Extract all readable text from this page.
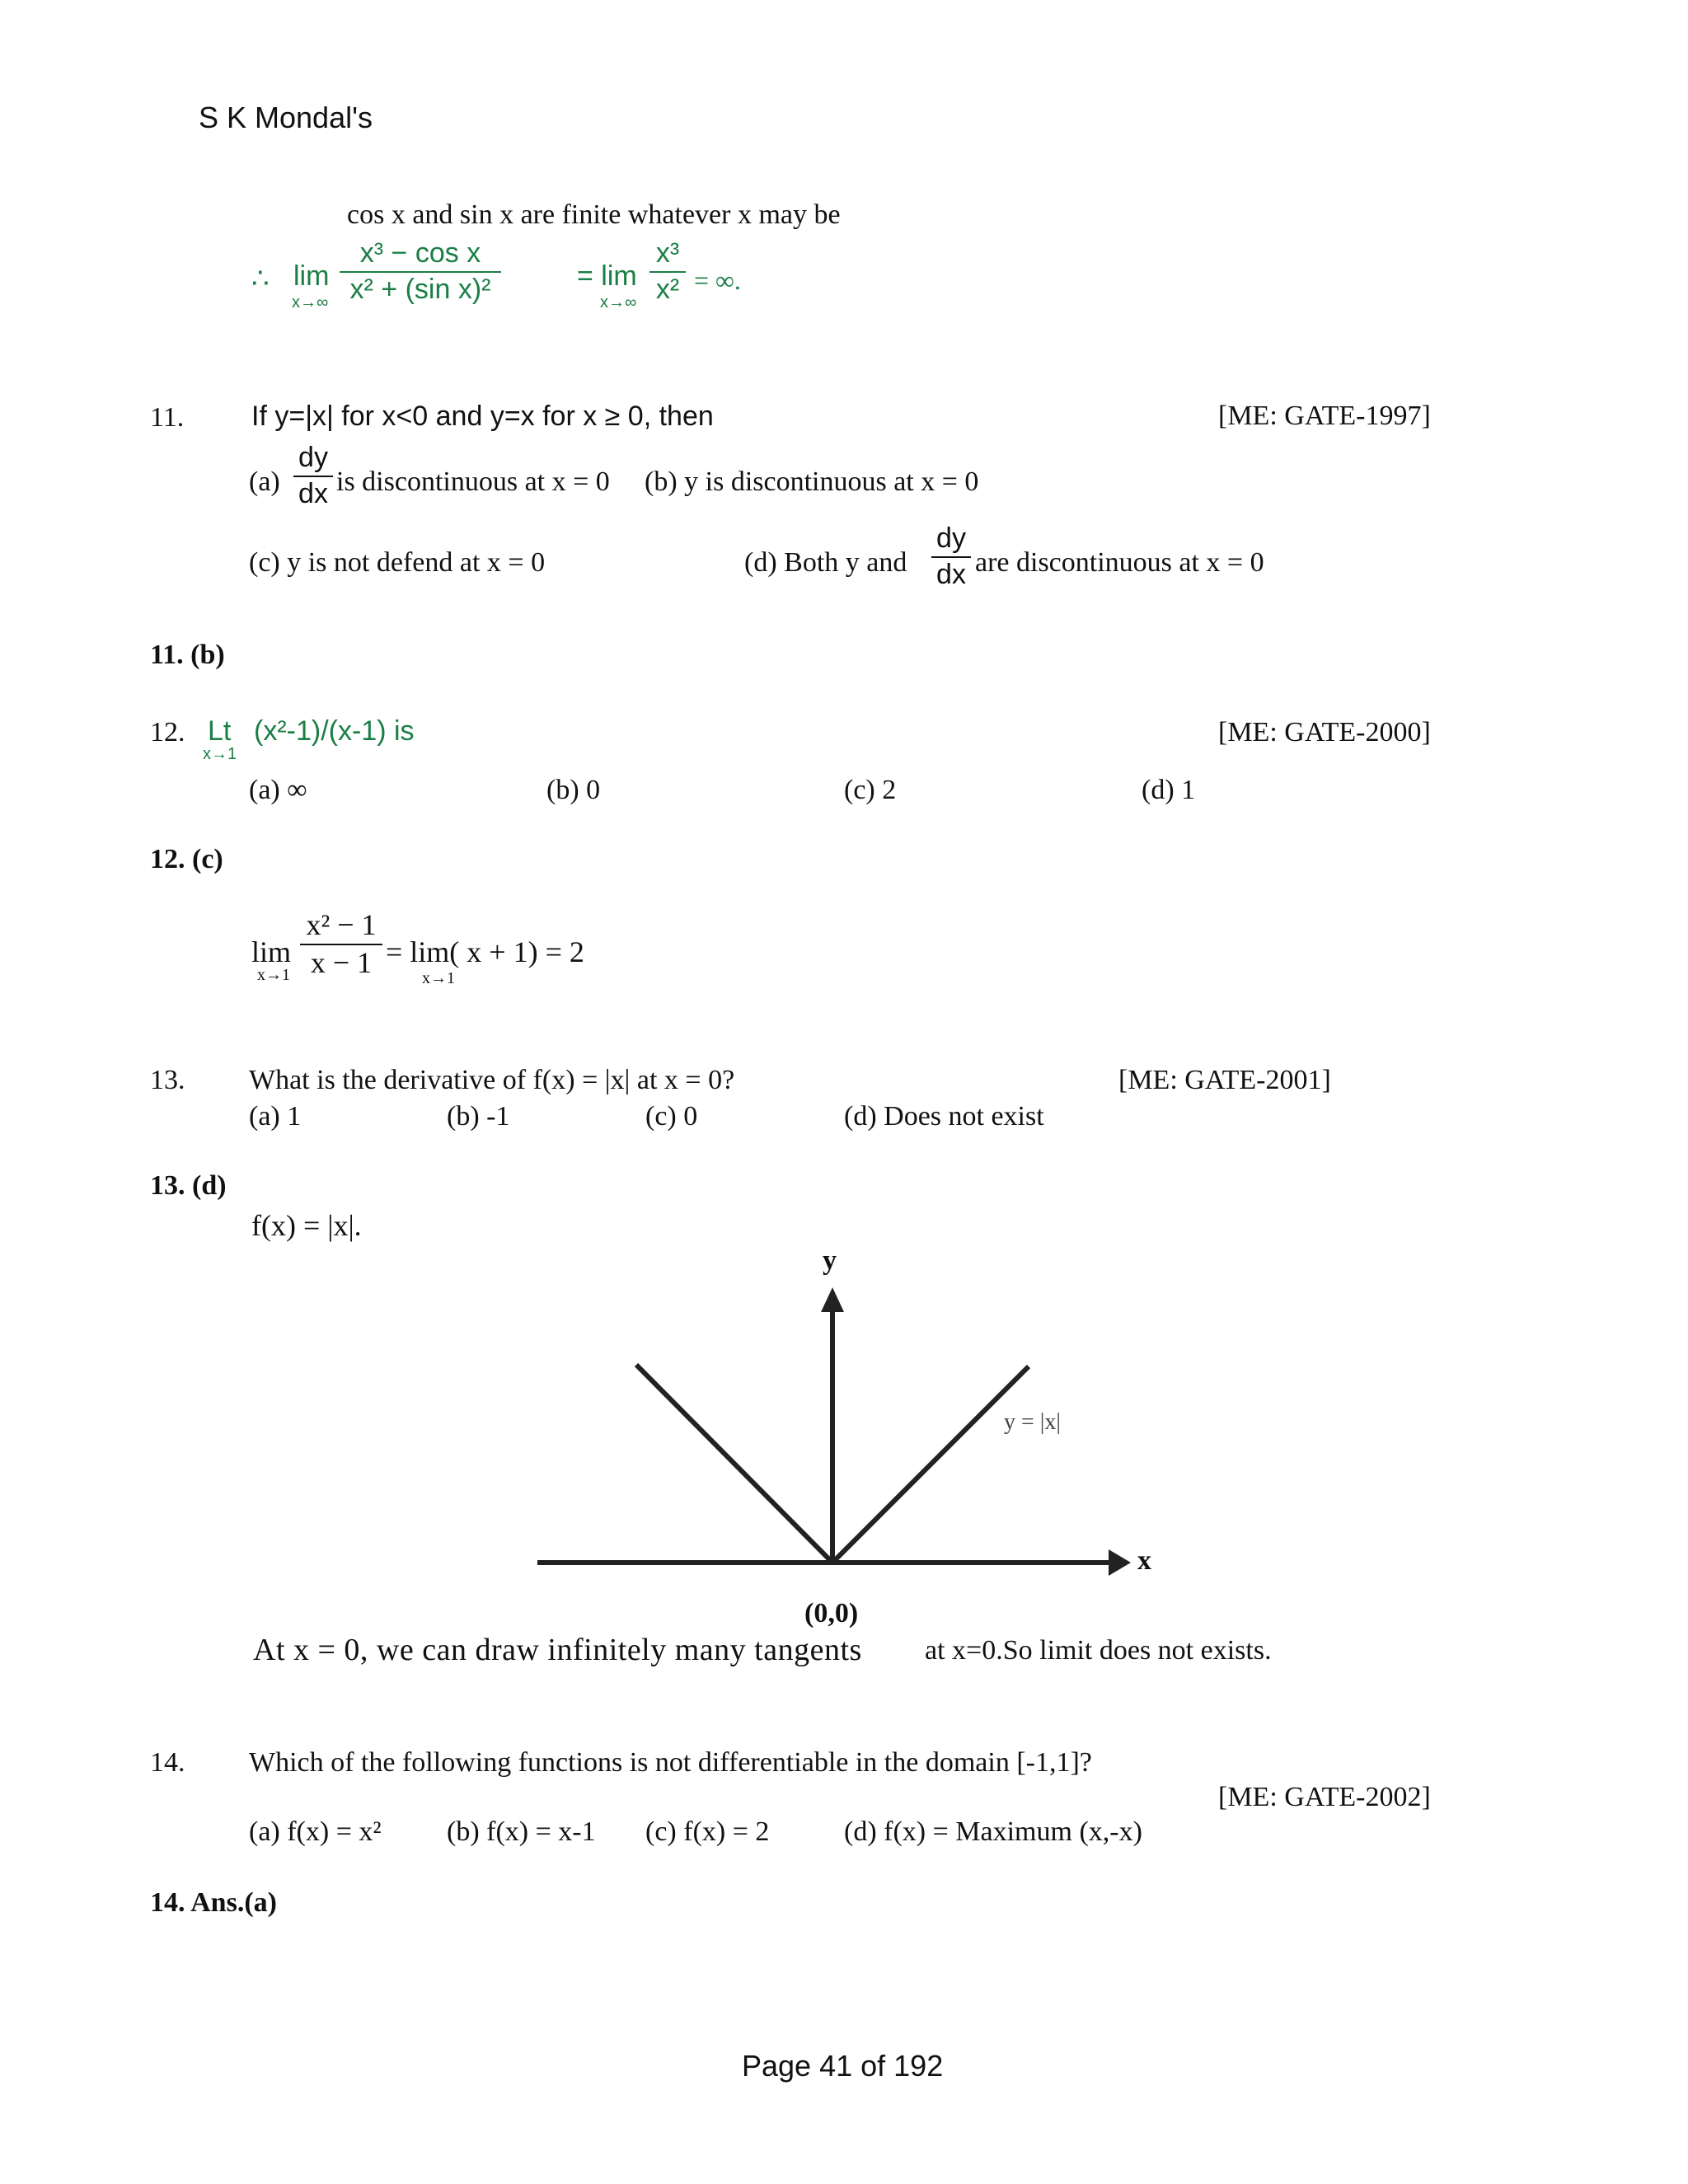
S K Mondal's
cos x and sin x are finite whatever x may be
∴ lim
x→∞
x³ − cos x
x² + (sin x)²	= lim
x→∞
x³
x² = ∞.
11. If y=|x| for x<0 and y=x for x ≥ 0, then	[ME: GATE-1997]
(a)
dy
dx is discontinuous at x = 0 (b) y is discontinuous at x = 0
(c) y is not defend at x = 0	(d) Both y and
dy
dx are discontinuous at x = 0
11. (b)
12. Lt
x→1
(x²-1)/(x-1) is	[ME: GATE-2000]
(a) ∞	(b) 0	(c) 2	(d) 1
12. (c)
lim
x→1
x² − 1
x − 1 = lim( x + 1) = 2
x→1
13. What is the derivative of f(x) = |x| at x = 0?	[ME: GATE-2001]
(a) 1	(b) -1	(c) 0	(d) Does not exist
13. (d)
f(x) = |x|.
y
x
y = |x|
(0,0)
At x = 0, we can draw infinitely many tangents at x=0.So limit does not exists.
14. Which of the following functions is not differentiable in the domain [-1,1]?
[ME: GATE-2002]
(a) f(x) = x² (b) f(x) = x-1 (c) f(x) = 2	(d) f(x) = Maximum (x,-x)
14. Ans.(a)
Page 41 of 192
